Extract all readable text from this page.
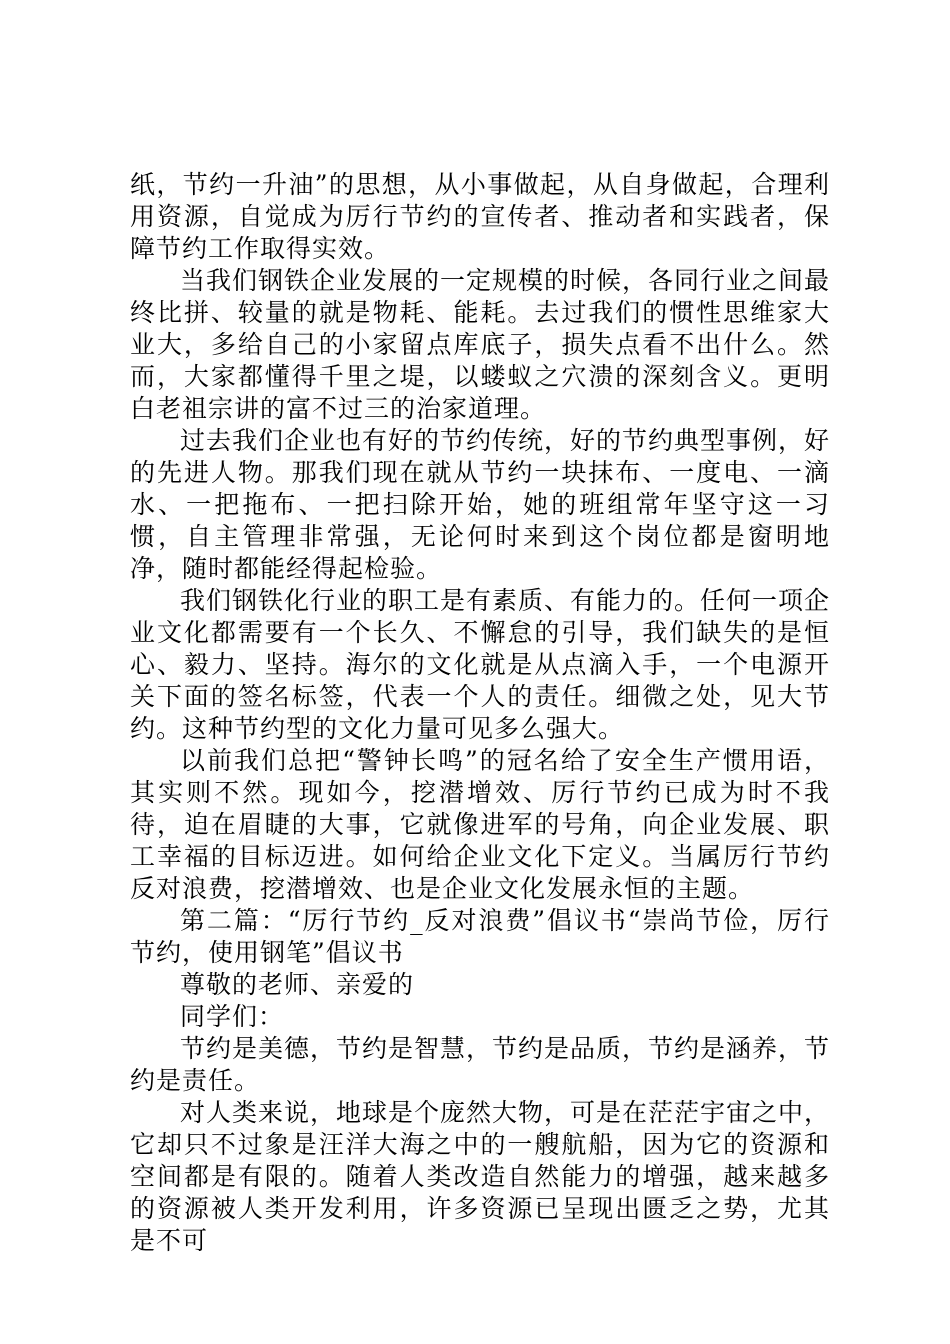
纸，节约一升油”的思想，从小事做起，从自身做起，合理利用资源，自觉成为厉行节约的宣传者、推动者和实践者，保障节约工作取得实效。

当我们钢铁企业发展的一定规模的时候，各同行业之间最终比拼、较量的就是物耗、能耗。去过我们的惯性思维家大业大，多给自己的小家留点库底子，损失点看不出什么。然而，大家都懂得千里之堤，以蝼蚁之穴溃的深刻含义。更明白老祖宗讲的富不过三的治家道理。

过去我们企业也有好的节约传统，好的节约典型事例，好的先进人物。那我们现在就从节约一块抹布、一度电、一滴水、一把拖布、一把扫除开始，她的班组常年坚守这一习惯，自主管理非常强，无论何时来到这个岗位都是窗明地净，随时都能经得起检验。

我们钢铁化行业的职工是有素质、有能力的。任何一项企业文化都需要有一个长久、不懈怠的引导，我们缺失的是恒心、毅力、坚持。海尔的文化就是从点滴入手，一个电源开关下面的签名标签，代表一个人的责任。细微之处，见大节约。这种节约型的文化力量可见多么强大。

以前我们总把“警钟长鸣”的冠名给了安全生产惯用语，其实则不然。现如今，挖潜增效、厉行节约已成为时不我待，迫在眉睫的大事，它就像进军的号角，向企业发展、职工幸福的目标迈进。如何给企业文化下定义。当属厉行节约反对浪费，挖潜增效、也是企业文化发展永恒的主题。

第二篇：“厉行节约_反对浪费”倡议书“崇尚节俭，厉行节约，使用钢笔”倡议书

尊敬的老师、亲爱的

同学们：

节约是美德，节约是智慧，节约是品质，节约是涵养，节约是责任。

对人类来说，地球是个庞然大物，可是在茫茫宇宙之中，它却只不过象是汪洋大海之中的一艘航船，因为它的资源和空间都是有限的。随着人类改造自然能力的增强，越来越多的资源被人类开发利用，许多资源已呈现出匮乏之势，尤其是不可
